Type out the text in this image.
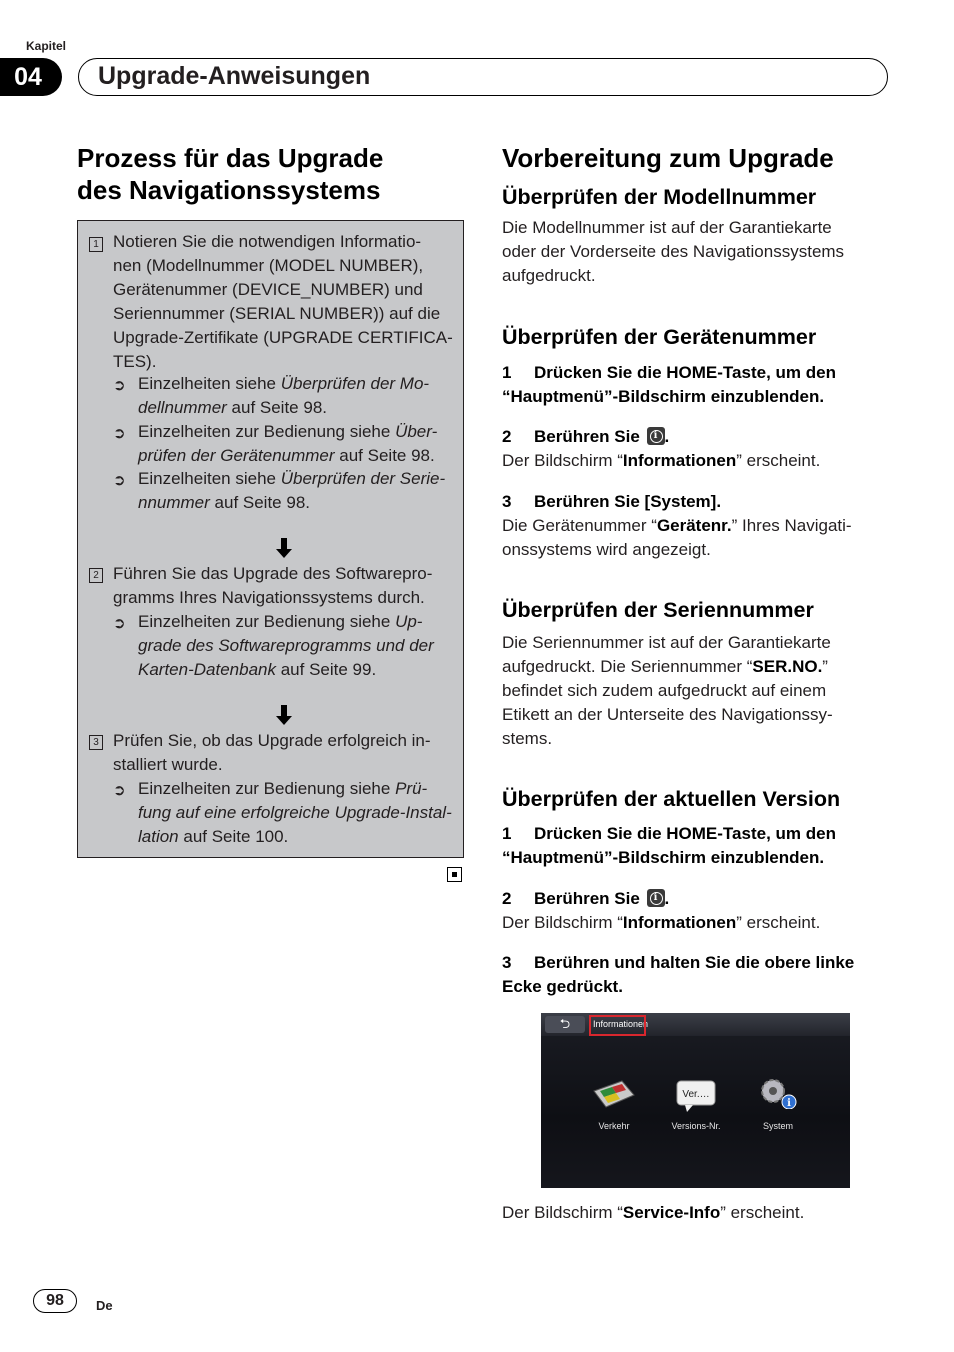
Kapitel
04	Upgrade-Anweisungen
Prozess für das Upgrade
des Navigationssystems
1 Notieren Sie die notwendigen Informatio-
nen (Modellnummer (MODEL NUMBER),
Gerätenummer (DEVICE_NUMBER) und
Seriennummer (SERIAL NUMBER)) auf die
Upgrade-Zertifikate (UPGRADE CERTIFICA-
TES).
➲ Einzelheiten siehe Überprüfen der Mo-
dellnummer auf Seite 98.
➲ Einzelheiten zur Bedienung siehe Über-
prüfen der Gerätenummer auf Seite 98.
➲ Einzelheiten siehe Überprüfen der Serie-
nnummer auf Seite 98.
2 Führen Sie das Upgrade des Softwarepro-
gramms Ihres Navigationssystems durch.
➲ Einzelheiten zur Bedienung siehe Up-
grade des Softwareprogramms und der
Karten-Datenbank auf Seite 99.
3 Prüfen Sie, ob das Upgrade erfolgreich in-
stalliert wurde.
➲ Einzelheiten zur Bedienung siehe Prü-
fung auf eine erfolgreiche Upgrade-Instal-
lation auf Seite 100.
Vorbereitung zum Upgrade
Überprüfen der Modellnummer
Die Modellnummer ist auf der Garantiekarte
oder der Vorderseite des Navigationssystems
aufgedruckt.
Überprüfen der Gerätenummer
1 Drücken Sie die HOME-Taste, um den
“Hauptmenü”-Bildschirm einzublenden.
2 Berühren Sie	i .
Der Bildschirm “Informationen” erscheint.
3 Berühren Sie [System].
Die Gerätenummer “Gerätenr.” Ihres Navigati-
onssystems wird angezeigt.
Überprüfen der Seriennummer
Die Seriennummer ist auf der Garantiekarte
aufgedruckt. Die Seriennummer “SER.NO.”
befindet sich zudem aufgedruckt auf einem
Etikett an der Unterseite des Navigationssy-
stems.
Überprüfen der aktuellen Version
1 Drücken Sie die HOME-Taste, um den
“Hauptmenü”-Bildschirm einzublenden.
2 Berühren Sie	i .
Der Bildschirm “Informationen” erscheint.
3 Berühren und halten Sie die obere linke
Ecke gedrückt.
⮌	Informationen
Verkehr
Ver.…
Versions-Nr.
i
System
Der Bildschirm “Service-Info” erscheint.
98	De
